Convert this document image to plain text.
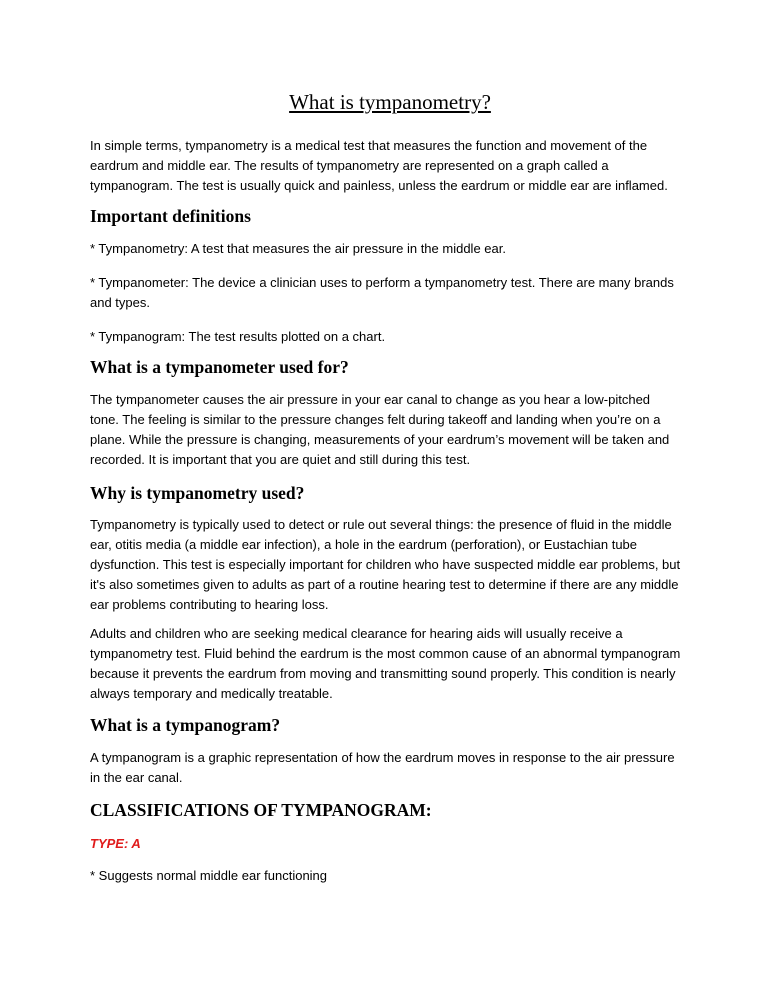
What is tympanometry?

In simple terms, tympanometry is a medical test that measures the function and movement of the eardrum and middle ear. The results of tympanometry are represented on a graph called a tympanogram. The test is usually quick and painless, unless the eardrum or middle ear are inflamed.

Important definitions

* Tympanometry: A test that measures the air pressure in the middle ear.

* Tympanometer: The device a clinician uses to perform a tympanometry test. There are many brands and types.

* Tympanogram: The test results plotted on a chart.

What is a tympanometer used for?

The tympanometer causes the air pressure in your ear canal to change as you hear a low-pitched tone. The feeling is similar to the pressure changes felt during takeoff and landing when you’re on a plane. While the pressure is changing, measurements of your eardrum’s movement will be taken and recorded. It is important that you are quiet and still during this test.

Why is tympanometry used?

Tympanometry is typically used to detect or rule out several things: the presence of fluid in the middle ear, otitis media (a middle ear infection), a hole in the eardrum (perforation), or Eustachian tube dysfunction. This test is especially important for children who have suspected middle ear problems, but it's also sometimes given to adults as part of a routine hearing test to determine if there are any middle ear problems contributing to hearing loss.

Adults and children who are seeking medical clearance for hearing aids will usually receive a tympanometry test. Fluid behind the eardrum is the most common cause of an abnormal tympanogram because it prevents the eardrum from moving and transmitting sound properly. This condition is nearly always temporary and medically treatable.

What is a tympanogram?

A tympanogram is a graphic representation of how the eardrum moves in response to the air pressure in the ear canal.

CLASSIFICATIONS OF TYMPANOGRAM:

TYPE: A

* Suggests normal middle ear functioning
